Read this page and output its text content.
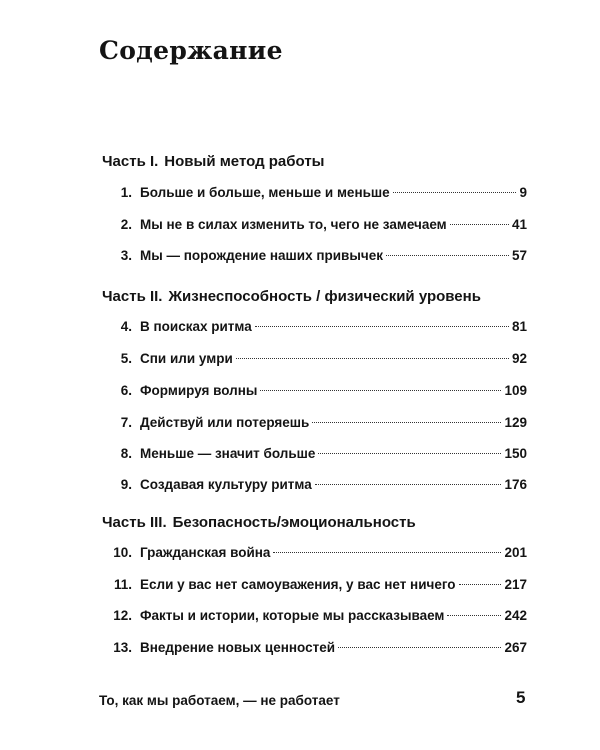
Содержание
Часть I. Новый метод работы
1. Больше и больше, меньше и меньше	9
2. Мы не в силах изменить то, чего не замечаем	41
3. Мы — порождение наших привычек	57
Часть II. Жизнеспособность / физический уровень
4. В поисках ритма	81
5. Спи или умри	92
6. Формируя волны	109
7. Действуй или потеряешь	129
8. Меньше — значит больше	150
9. Создавая культуру ритма	176
Часть III. Безопасность/эмоциональность
10. Гражданская война	201
11. Если у вас нет самоуважения, у вас нет ничего	217
12. Факты и истории, которые мы рассказываем	242
13. Внедрение новых ценностей	267
То, как мы работаем, — не работает	5
